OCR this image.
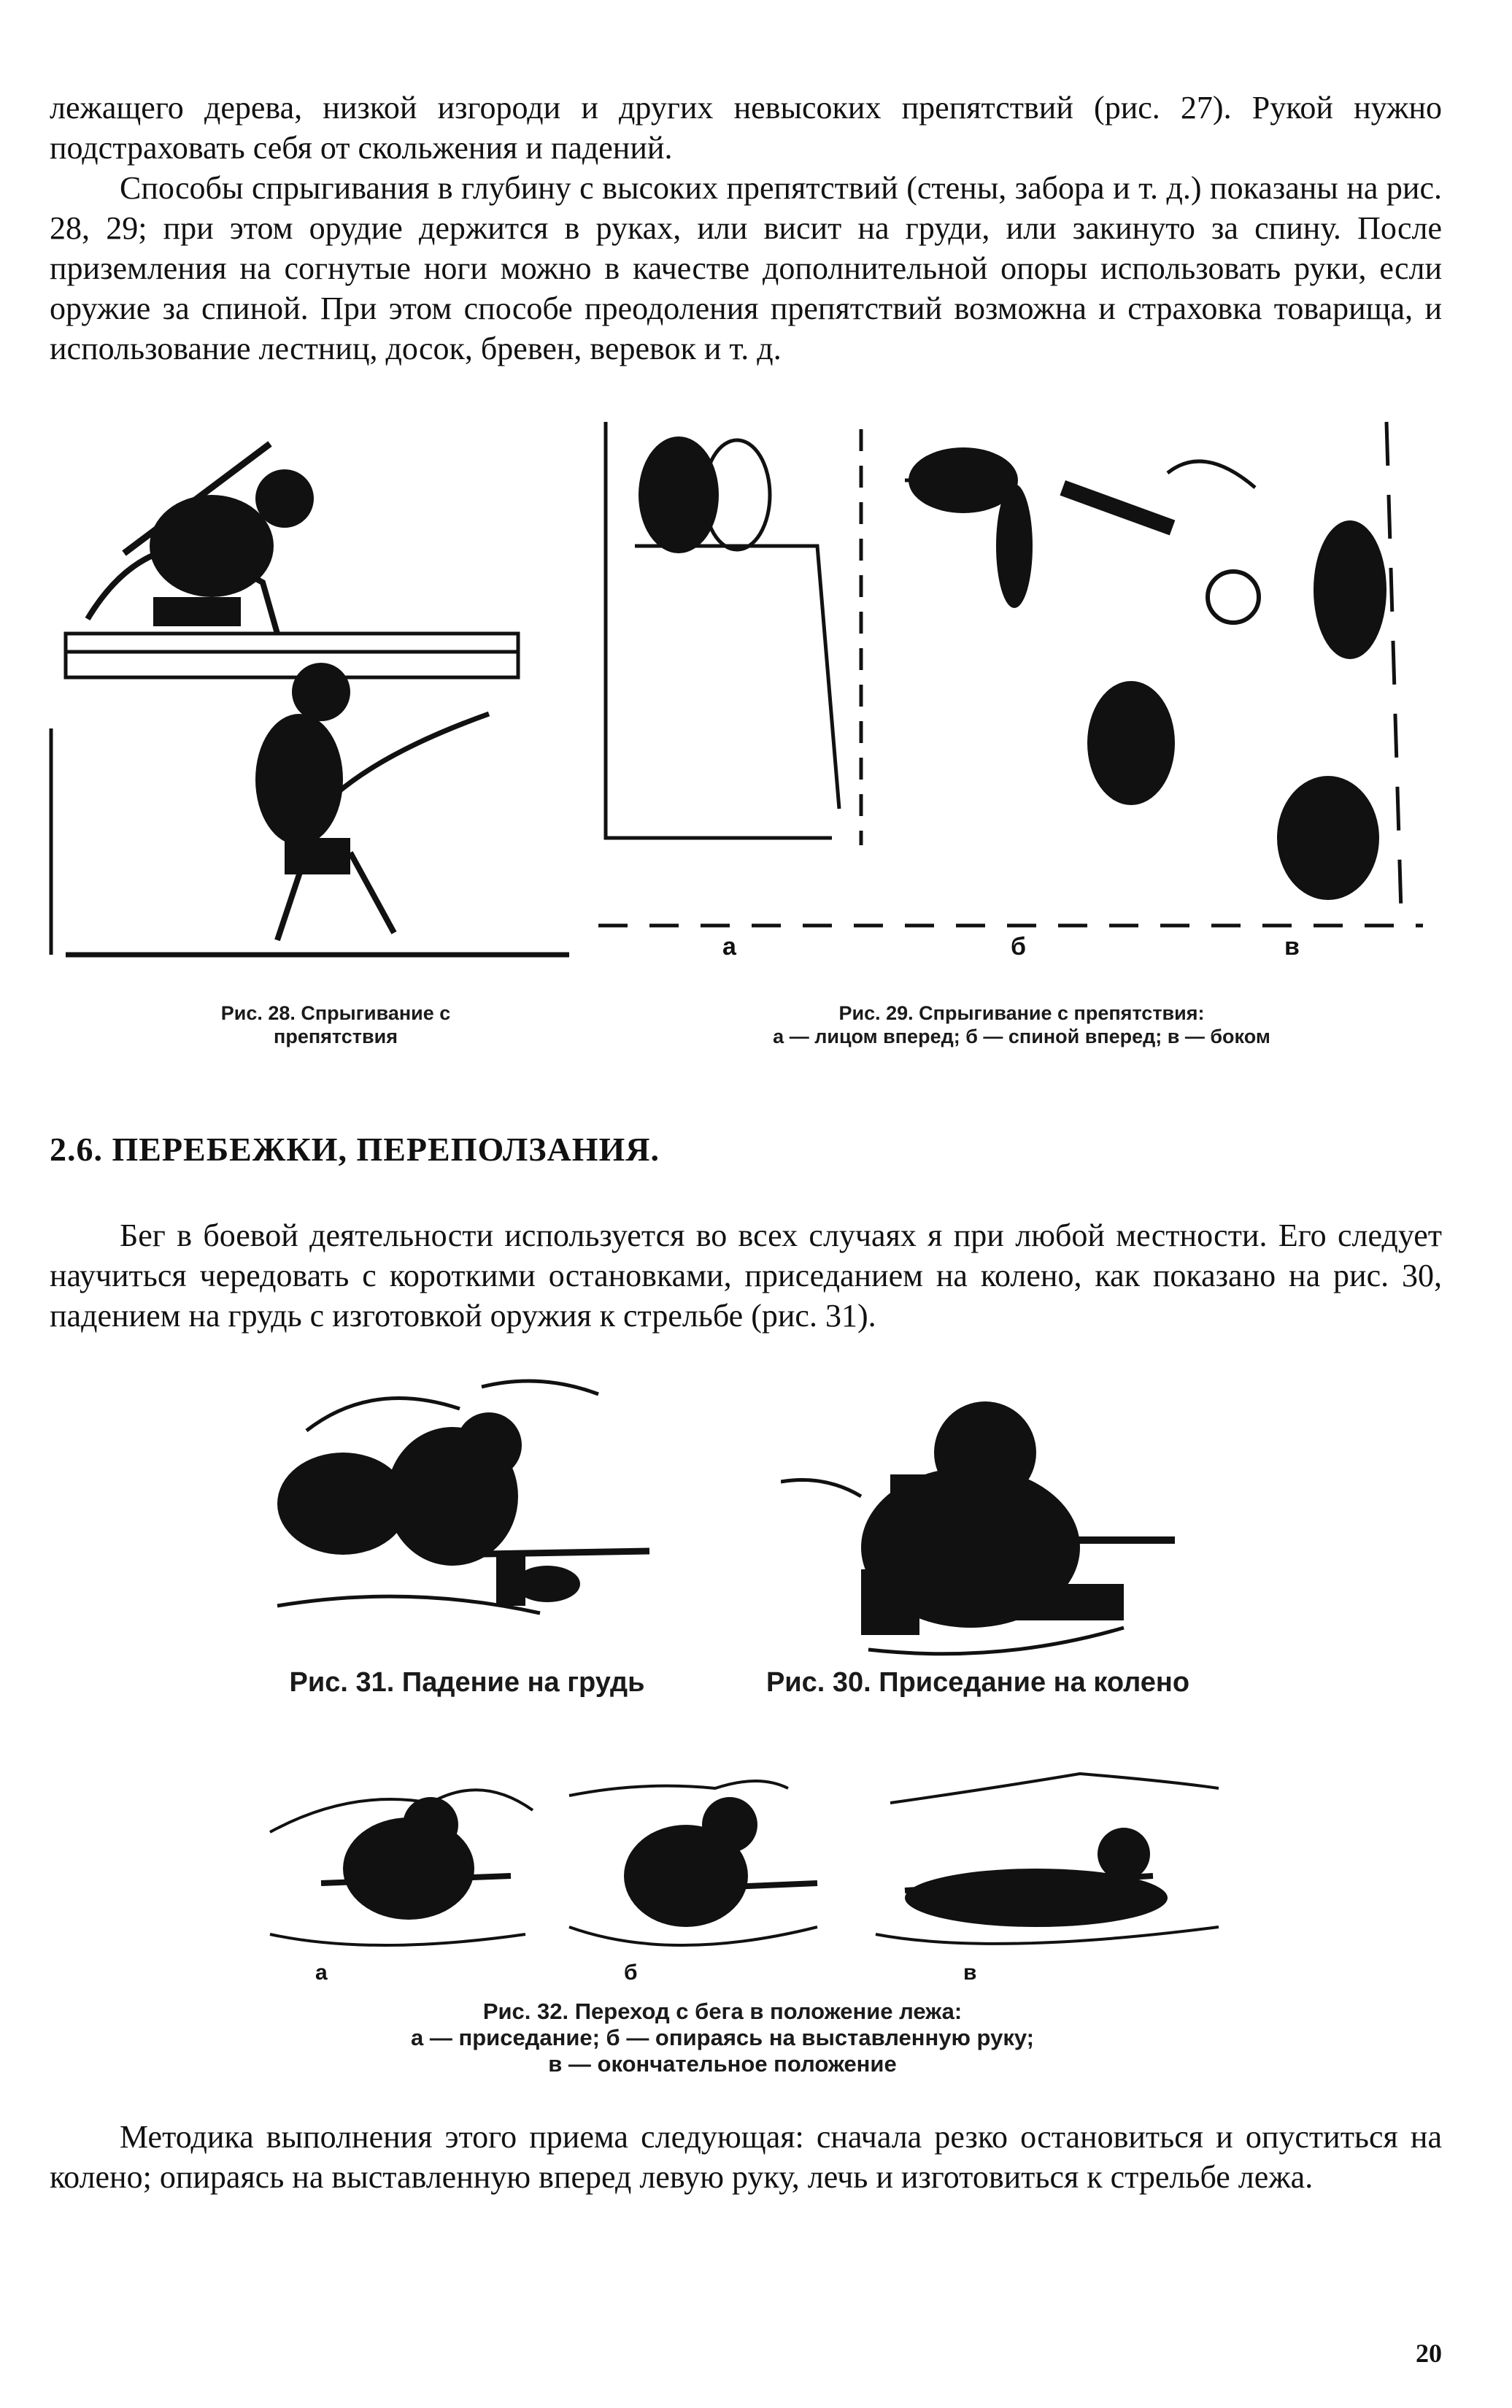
лежащего дерева, низкой изгороди и других невысоких препятствий (рис. 27). Рукой нужно подстраховать себя от скольжения и падений.

Способы спрыгивания в глубину с высоких препятствий (стены, забора и т. д.) показаны на рис. 28, 29; при этом орудие держится в руках, или висит на груди, или закинуто за спину. После приземления на согнутые ноги можно в качестве дополнительной опоры использовать руки, если оружие за спиной. При этом способе преодоления препятствий возможна и страховка товарища, и использование лестниц, досок, бревен, веревок и т. д.

а	б	в

Рис. 28. Спрыгивание с
препятствия
Рис. 29. Спрыгивание с препятствия:
а — лицом вперед; б — спиной вперед; в — боком
2.6. ПЕРЕБЕЖКИ, ПЕРЕПОЛЗАНИЯ.

Бег в боевой деятельности используется во всех случаях я при любой местности. Его следует научиться чередовать с короткими остановками, приседанием на колено, как показано на рис. 30, падением на грудь с изготовкой оружия к стрельбе (рис. 31).

Рис. 31. Падение на грудь	Рис. 30. Приседание на колено

а	б	в

Рис. 32. Переход с бега в положение лежа:
а — приседание; б — опираясь на выставленную руку;
в — окончательное положение

Методика выполнения этого приема следующая: сначала резко остановиться и опуститься на колено; опираясь на выставленную вперед левую руку, лечь и изготовиться к стрельбе лежа.

20
